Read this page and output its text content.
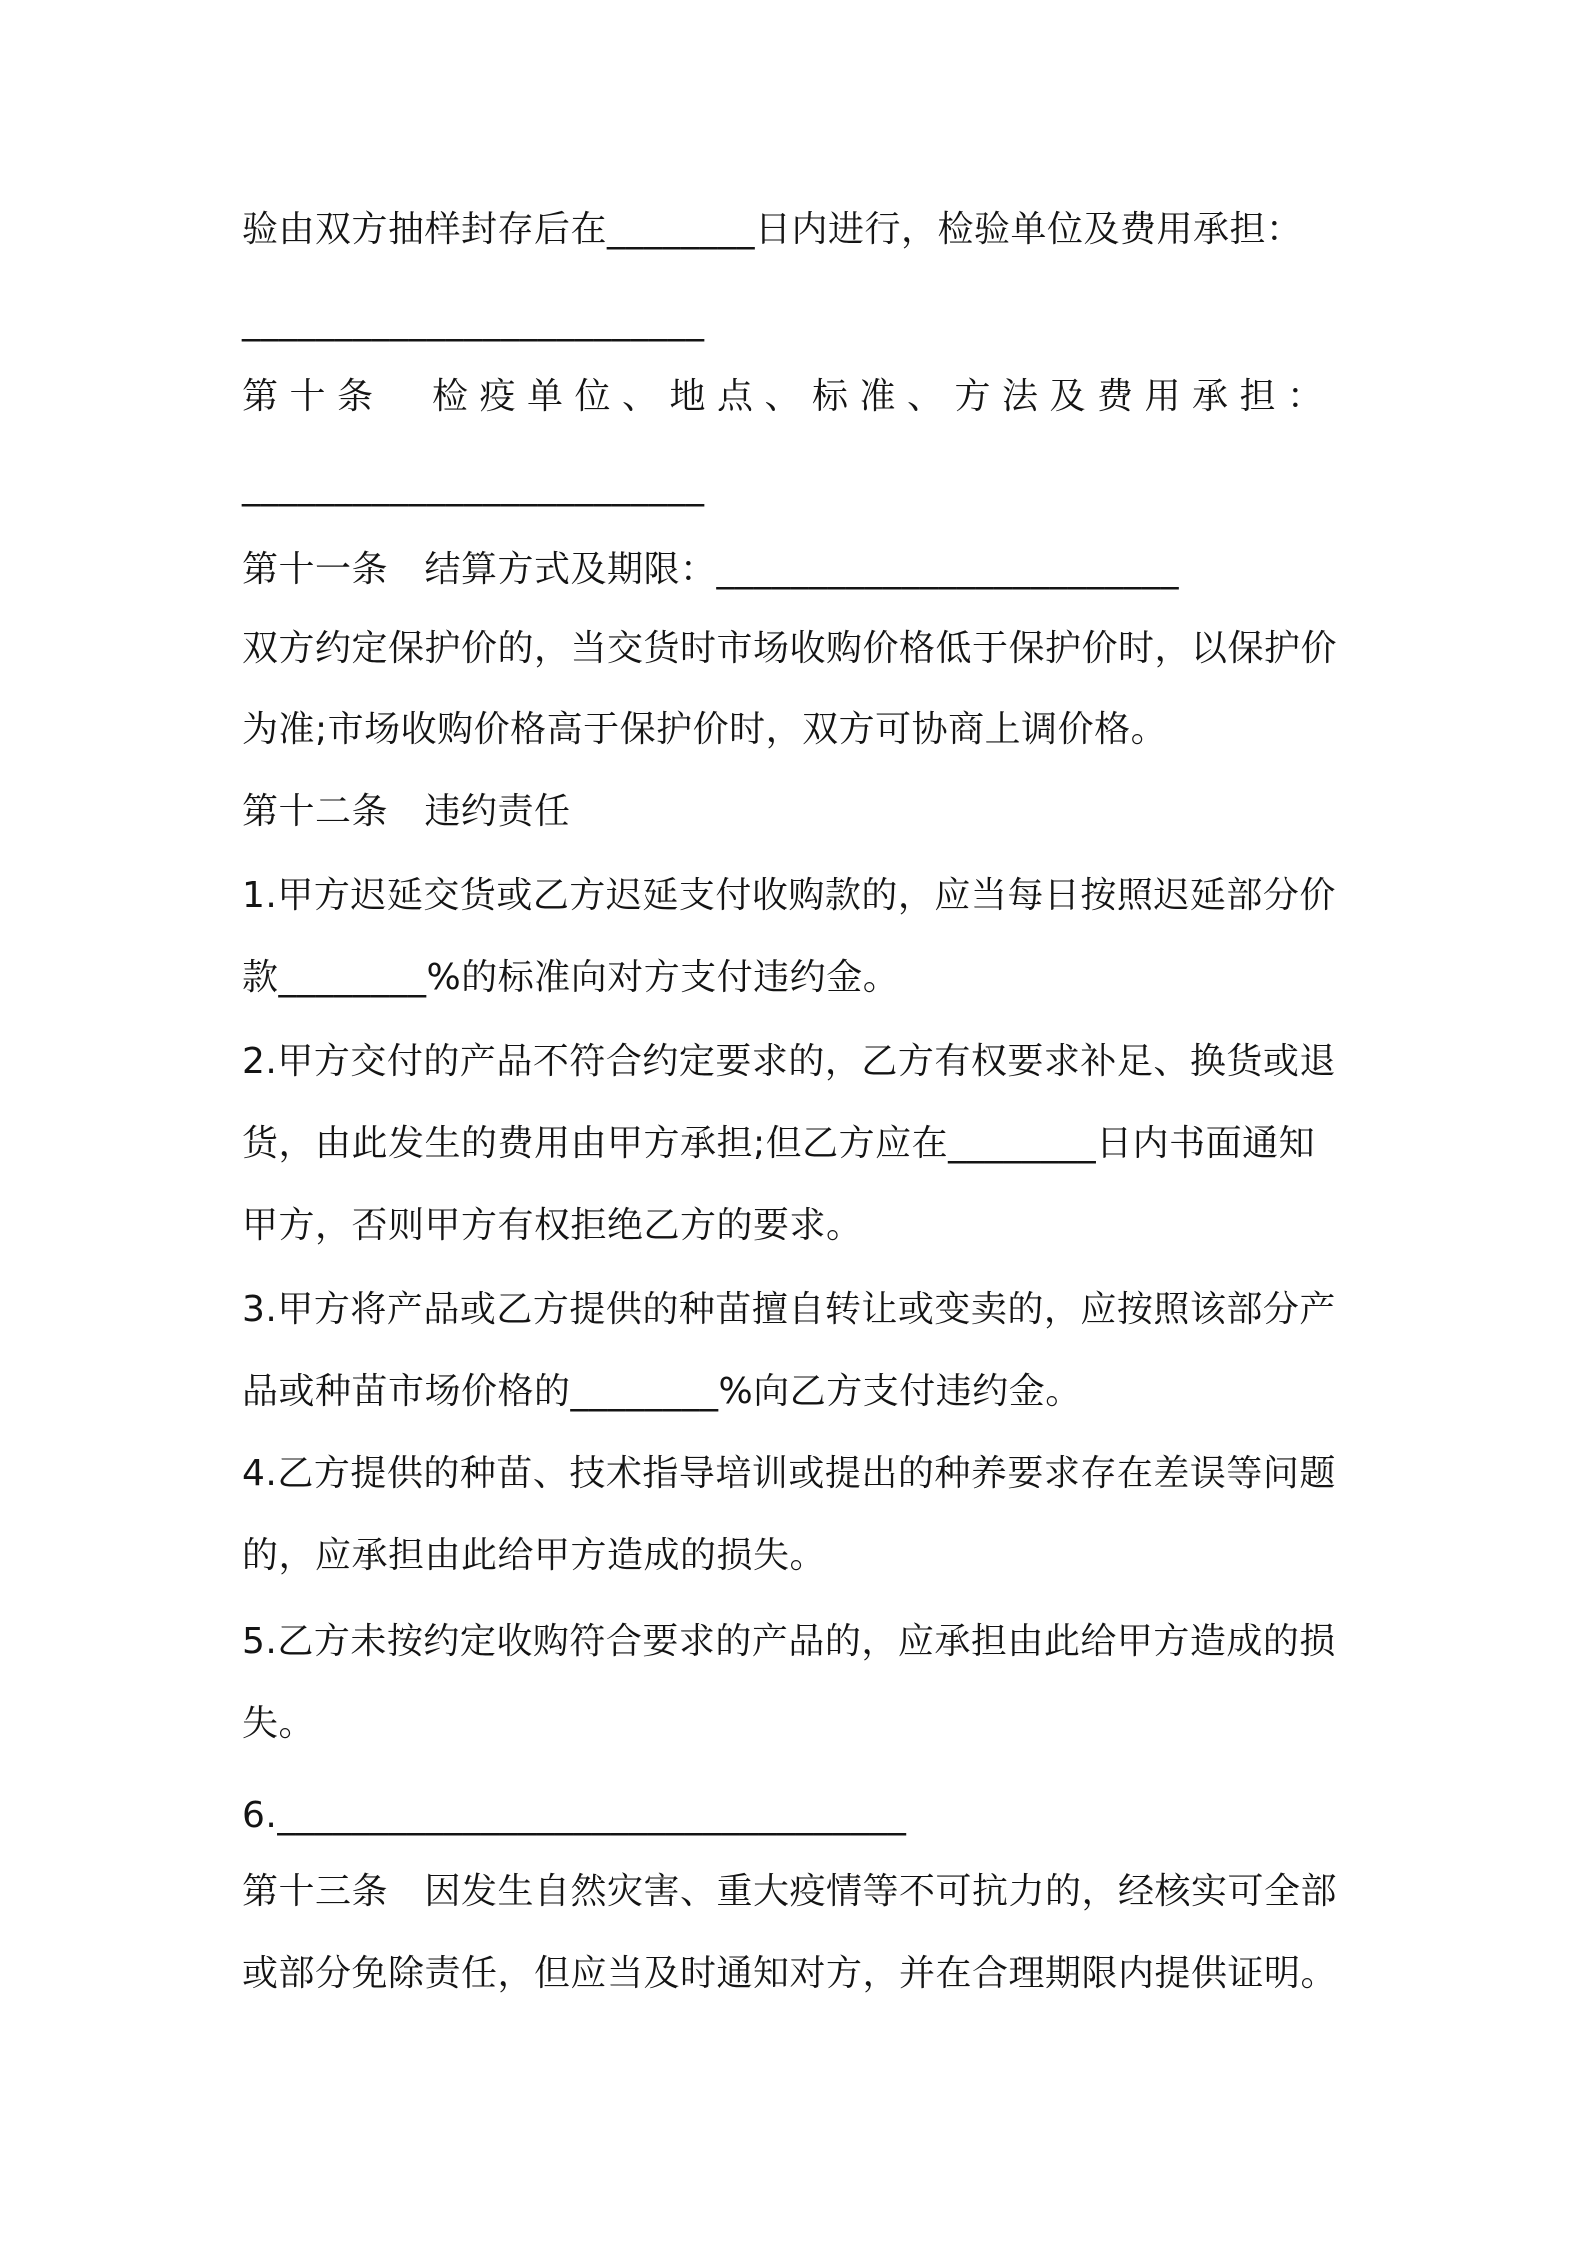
验由双方抽样封存后在________日内进行，检验单位及费用承担：
_________________________
第十条　检疫单位、地点、标准、方法及费用承担：
_________________________
第十一条　结算方式及期限：_________________________
双方约定保护价的，当交货时市场收购价格低于保护价时，以保护价
为准;市场收购价格高于保护价时，双方可协商上调价格。
第十二条　违约责任
1.甲方迟延交货或乙方迟延支付收购款的，应当每日按照迟延部分价
款________%的标准向对方支付违约金。
2.甲方交付的产品不符合约定要求的，乙方有权要求补足、换货或退
货，由此发生的费用由甲方承担;但乙方应在________日内书面通知
甲方，否则甲方有权拒绝乙方的要求。
3.甲方将产品或乙方提供的种苗擅自转让或变卖的，应按照该部分产
品或种苗市场价格的________%向乙方支付违约金。
4.乙方提供的种苗、技术指导培训或提出的种养要求存在差误等问题
的，应承担由此给甲方造成的损失。
5.乙方未按约定收购符合要求的产品的，应承担由此给甲方造成的损
失。
6.__________________________________
第十三条　因发生自然灾害、重大疫情等不可抗力的，经核实可全部
或部分免除责任，但应当及时通知对方，并在合理期限内提供证明。
